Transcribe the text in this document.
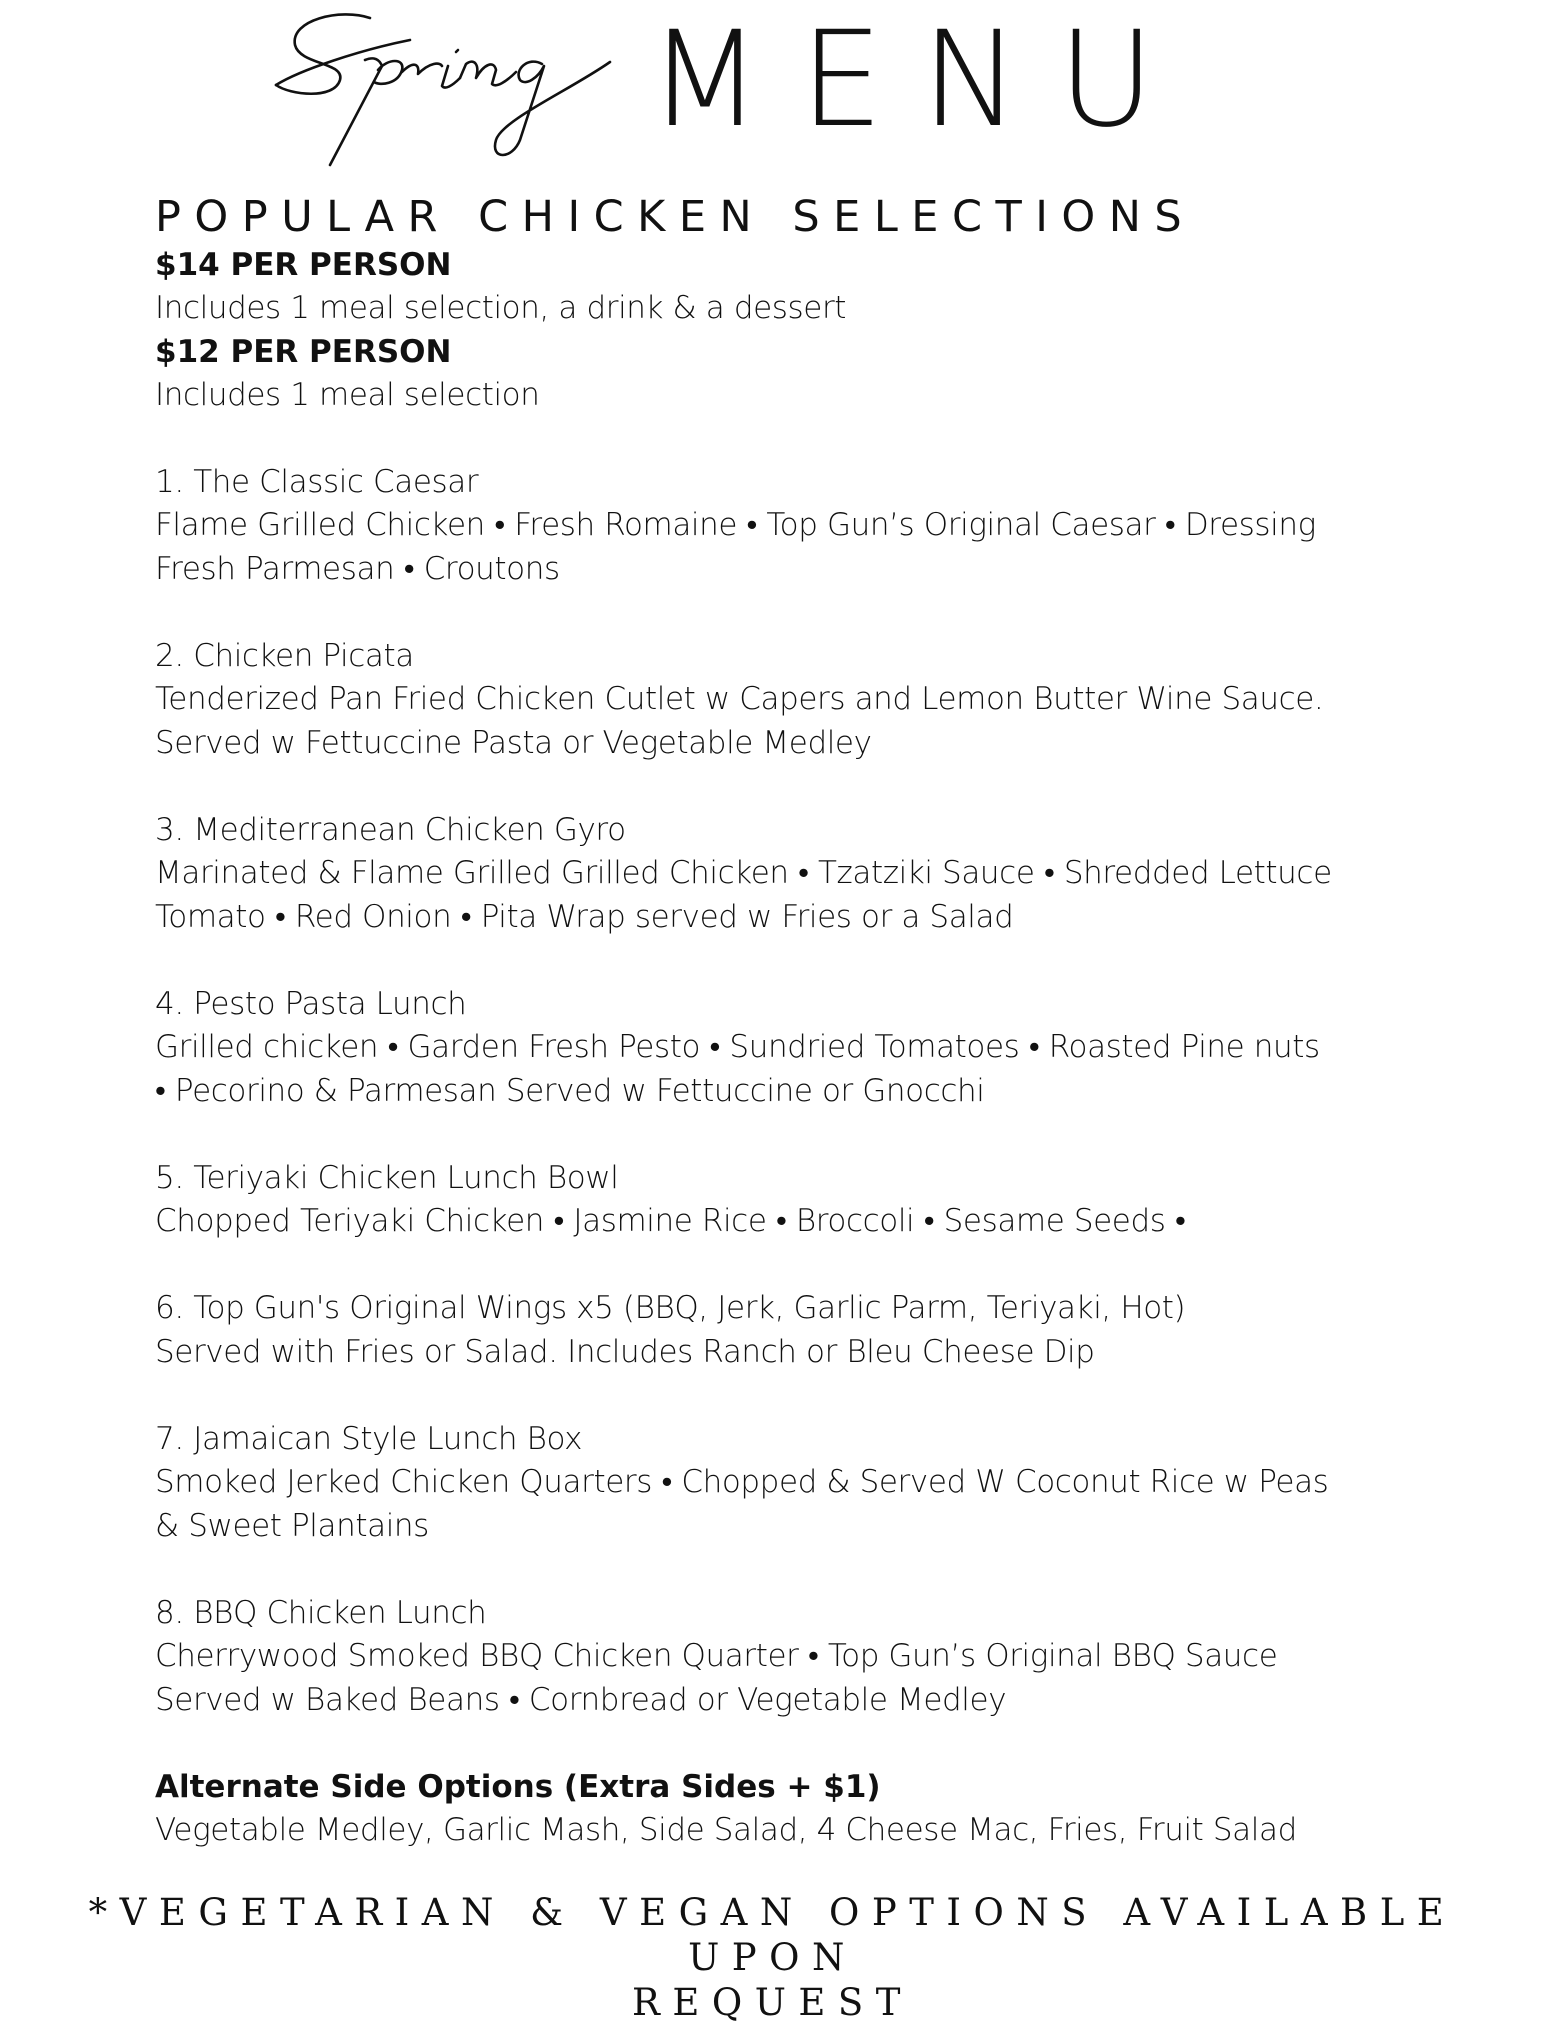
MENU
POPULAR CHICKEN SELECTIONS

$14 PER PERSON

Includes 1 meal selection, a drink & a dessert

$12 PER PERSON

Includes 1 meal selection

1. The Classic Caesar

Flame Grilled Chicken • Fresh Romaine • Top Gun’s Original Caesar • Dressing

Fresh Parmesan • Croutons

2. Chicken Picata

Tenderized Pan Fried Chicken Cutlet w Capers and Lemon Butter Wine Sauce.

Served w Fettuccine Pasta or Vegetable Medley

3. Mediterranean Chicken Gyro

Marinated & Flame Grilled Grilled Chicken • Tzatziki Sauce • Shredded Lettuce

Tomato • Red Onion • Pita Wrap served w Fries or a Salad

4. Pesto Pasta Lunch

Grilled chicken • Garden Fresh Pesto • Sundried Tomatoes • Roasted Pine nuts

• Pecorino & Parmesan Served w Fettuccine or Gnocchi

5. Teriyaki Chicken Lunch Bowl

Chopped Teriyaki Chicken • Jasmine Rice • Broccoli • Sesame Seeds •

6. Top Gun's Original Wings x5 (BBQ, Jerk, Garlic Parm, Teriyaki, Hot)

Served with Fries or Salad. Includes Ranch or Bleu Cheese Dip

7. Jamaican Style Lunch Box

Smoked Jerked Chicken Quarters • Chopped & Served W Coconut Rice w Peas

& Sweet Plantains

8. BBQ Chicken Lunch

Cherrywood Smoked BBQ Chicken Quarter • Top Gun’s Original BBQ Sauce

Served w Baked Beans • Cornbread or Vegetable Medley

Alternate Side Options (Extra Sides + $1)

Vegetable Medley, Garlic Mash, Side Salad, 4 Cheese Mac, Fries, Fruit Salad

*VEGETARIAN & VEGAN OPTIONS AVAILABLE UPON
REQUEST
